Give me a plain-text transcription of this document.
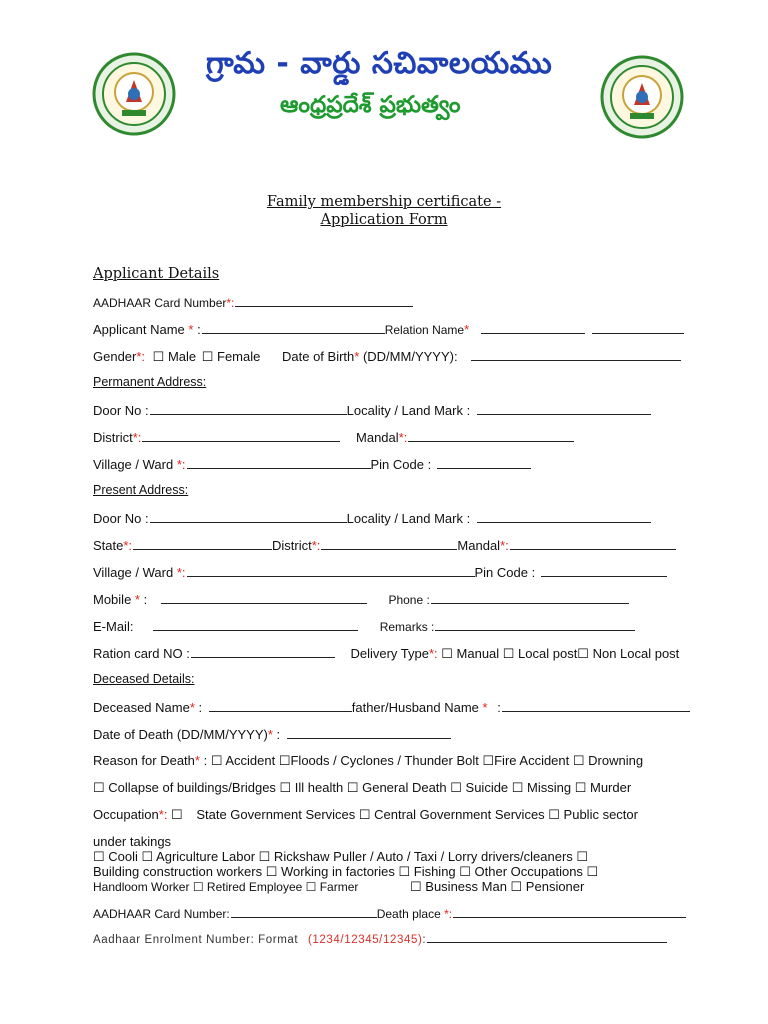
గ్రామ - వార్డు సచివాలయము
ఆంధ్రప్రదేశ్ ప్రభుత్వం
Family membership certificate -
Application Form
Applicant Details
AADHAAR Card Number*:
Applicant Name * :	Relation Name*
Gender*: ☐ Male ☐ Female Date of Birth* (DD/MM/YYYY):
Permanent Address:
Door No :	Locality / Land Mark :
District*:	Mandal*:
Village / Ward *:	Pin Code :
Present Address:
Door No :	Locality / Land Mark :
State*:	District*:	Mandal*:
Village / Ward *:	Pin Code :
Mobile * :	Phone :
E-Mail:	Remarks :
Ration card NO :	Delivery Type*: ☐ Manual ☐ Local post☐ Non Local post
Deceased Details:
Deceased Name* :	father/Husband Name * :
Date of Death (DD/MM/YYYY)* :
Reason for Death* : ☐ Accident ☐Floods / Cyclones / Thunder Bolt ☐Fire Accident ☐ Drowning
☐ Collapse of buildings/Bridges ☐ Ill health ☐ General Death ☐ Suicide ☐ Missing ☐ Murder
Occupation*: ☐ State Government Services ☐ Central Government Services ☐ Public sector
under takings
☐ Cooli ☐ Agriculture Labor ☐ Rickshaw Puller / Auto / Taxi / Lorry drivers/cleaners ☐
Building construction workers ☐ Working in factories ☐ Fishing ☐ Other Occupations ☐
Handloom Worker ☐ Retired Employee ☐ Farmer	☐ Business Man ☐ Pensioner
AADHAAR Card Number:	Death place *:
Aadhaar Enrolment Number: Format (1234/12345/12345):
